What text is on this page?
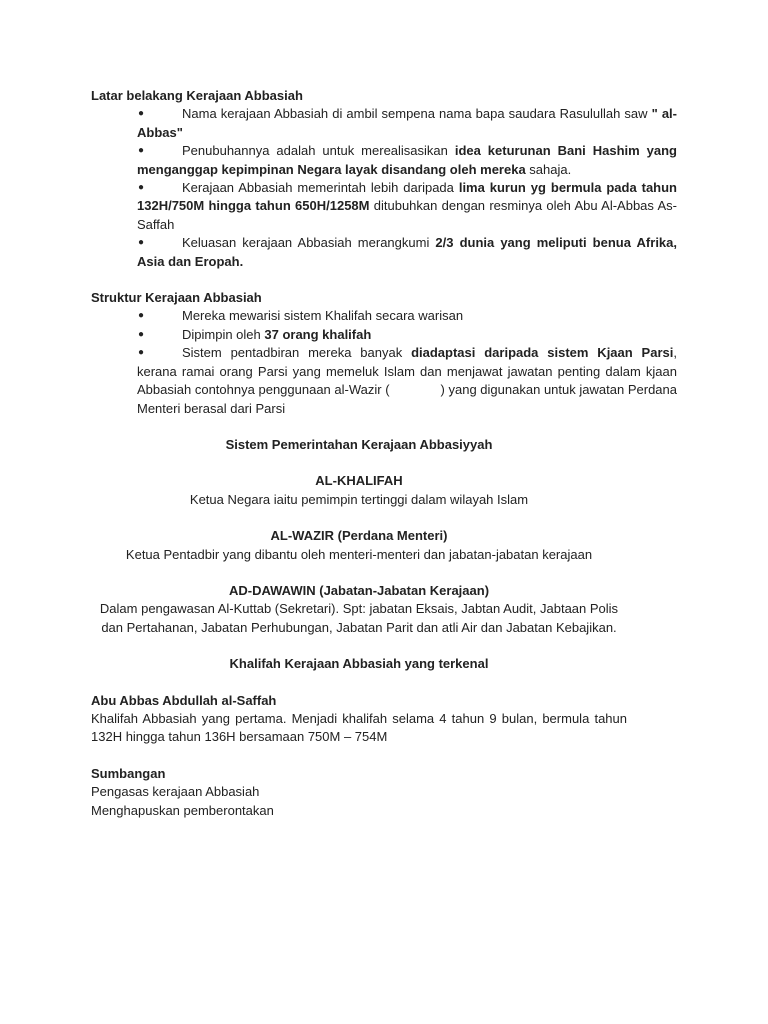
Latar belakang Kerajaan Abbasiah

●	Nama kerajaan Abbasiah di ambil sempena nama bapa saudara Rasulullah saw " al-Abbas"
●	Penubuhannya adalah untuk merealisasikan idea keturunan Bani Hashim yang menganggap kepimpinan Negara layak disandang oleh mereka sahaja.
●	Kerajaan Abbasiah memerintah lebih daripada lima kurun yg bermula pada tahun 132H/750M hingga tahun 650H/1258M ditubuhkan dengan resminya oleh Abu Al-Abbas As-Saffah
●	Keluasan kerajaan Abbasiah merangkumi 2/3 dunia yang meliputi benua Afrika, Asia dan Eropah.

Struktur Kerajaan Abbasiah

●	Mereka mewarisi sistem Khalifah secara warisan
●	Dipimpin oleh 37 orang khalifah
●	Sistem pentadbiran mereka banyak diadaptasi daripada sistem Kjaan Parsi, kerana ramai orang Parsi yang memeluk Islam dan menjawat jawatan penting dalam kjaan Abbasiah contohnya penggunaan al-Wazir (              ) yang digunakan untuk jawatan Perdana Menteri berasal dari Parsi

Sistem Pemerintahan Kerajaan Abbasiyyah

AL-KHALIFAH

Ketua Negara iaitu pemimpin tertinggi dalam wilayah Islam

AL-WAZIR (Perdana Menteri)

Ketua Pentadbir yang dibantu oleh menteri-menteri dan jabatan-jabatan kerajaan

AD-DAWAWIN (Jabatan-Jabatan Kerajaan)

Dalam pengawasan Al-Kuttab (Sekretari). Spt: jabatan Eksais, Jabtan Audit, Jabtaan Polis dan Pertahanan, Jabatan Perhubungan, Jabatan Parit dan atli Air dan Jabatan Kebajikan.

Khalifah Kerajaan Abbasiah yang terkenal

Abu Abbas Abdullah al-Saffah

Khalifah Abbasiah yang pertama. Menjadi khalifah selama 4 tahun 9 bulan, bermula tahun 132H hingga tahun 136H bersamaan 750M – 754M

Sumbangan

Pengasas kerajaan Abbasiah

Menghapuskan pemberontakan
